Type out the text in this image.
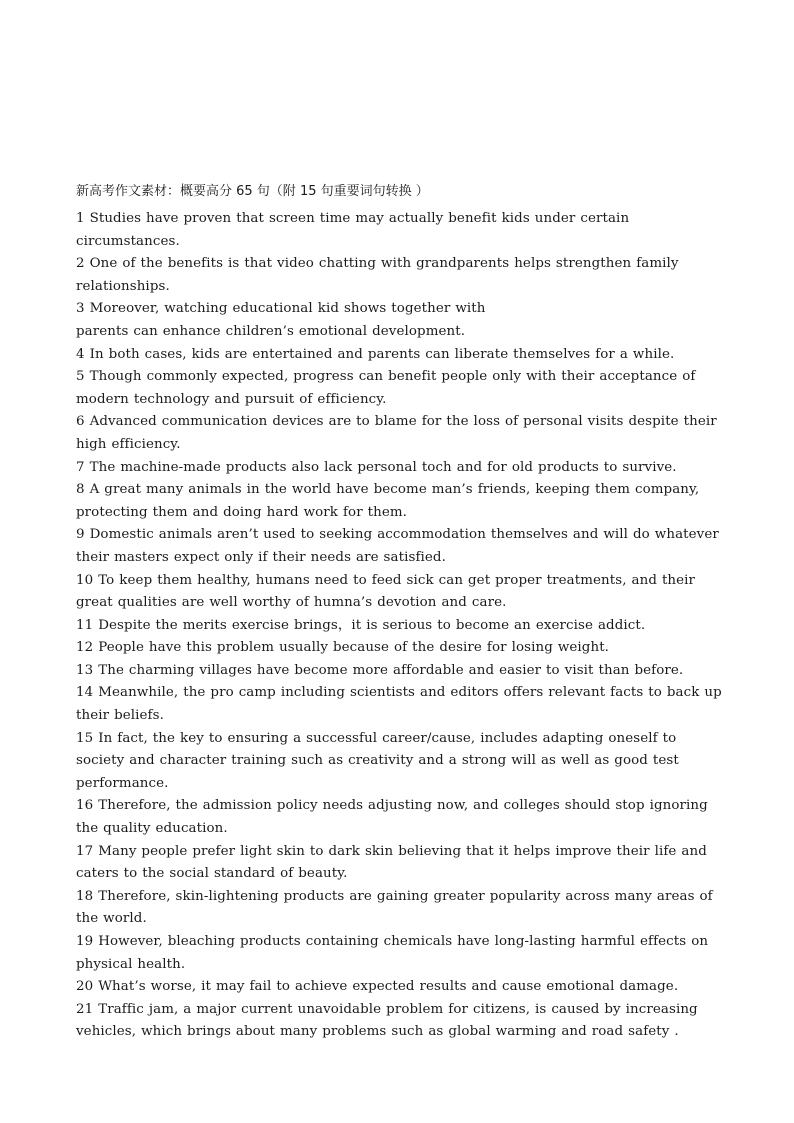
新高考作文素材：概要高分 65 句（附 15 句重要词句转换 ）

1 Studies have proven that screen time may actually benefit kids under certain
circumstances.

2 One of the benefits is that video chatting with grandparents helps strengthen family
relationships.

3 Moreover, watching educational kid shows together with
parents can enhance children’s emotional development.

4 In both cases, kids are entertained and parents can liberate themselves for a while.

5 Though commonly expected, progress can benefit people only with their acceptance of
modern technology and pursuit of efficiency.

6 Advanced communication devices are to blame for the loss of personal visits despite their
high efficiency.

7 The machine-made products also lack personal toch and for old products to survive.

8 A great many animals in the world have become man’s friends, keeping them company,
protecting them and doing hard work for them.

9 Domestic animals aren’t used to seeking accommodation themselves and will do whatever
their masters expect only if their needs are satisfied.

10 To keep them healthy, humans need to feed sick can get proper treatments, and their
great qualities are well worthy of humna’s devotion and care.

11 Despite the merits exercise brings，it is serious to become an exercise addict.

12 People have this problem usually because of the desire for losing weight.

13 The charming villages have become more affordable and easier to visit than before.

14 Meanwhile, the pro camp including scientists and editors offers relevant facts to back up
their beliefs.

15 In fact, the key to ensuring a successful career/cause, includes adapting oneself to
society and character training such as creativity and a strong will as well as good test
performance.

16 Therefore, the admission policy needs adjusting now, and colleges should stop ignoring
the quality education.

17 Many people prefer light skin to dark skin believing that it helps improve their life and
caters to the social standard of beauty.

18 Therefore, skin-lightening products are gaining greater popularity across many areas of
the world.

19 However, bleaching products containing chemicals have long-lasting harmful effects on
physical health.

20 What’s worse, it may fail to achieve expected results and cause emotional damage.

21 Traffic jam, a major current unavoidable problem for citizens, is caused by increasing
vehicles, which brings about many problems such as global warming and road safety .
